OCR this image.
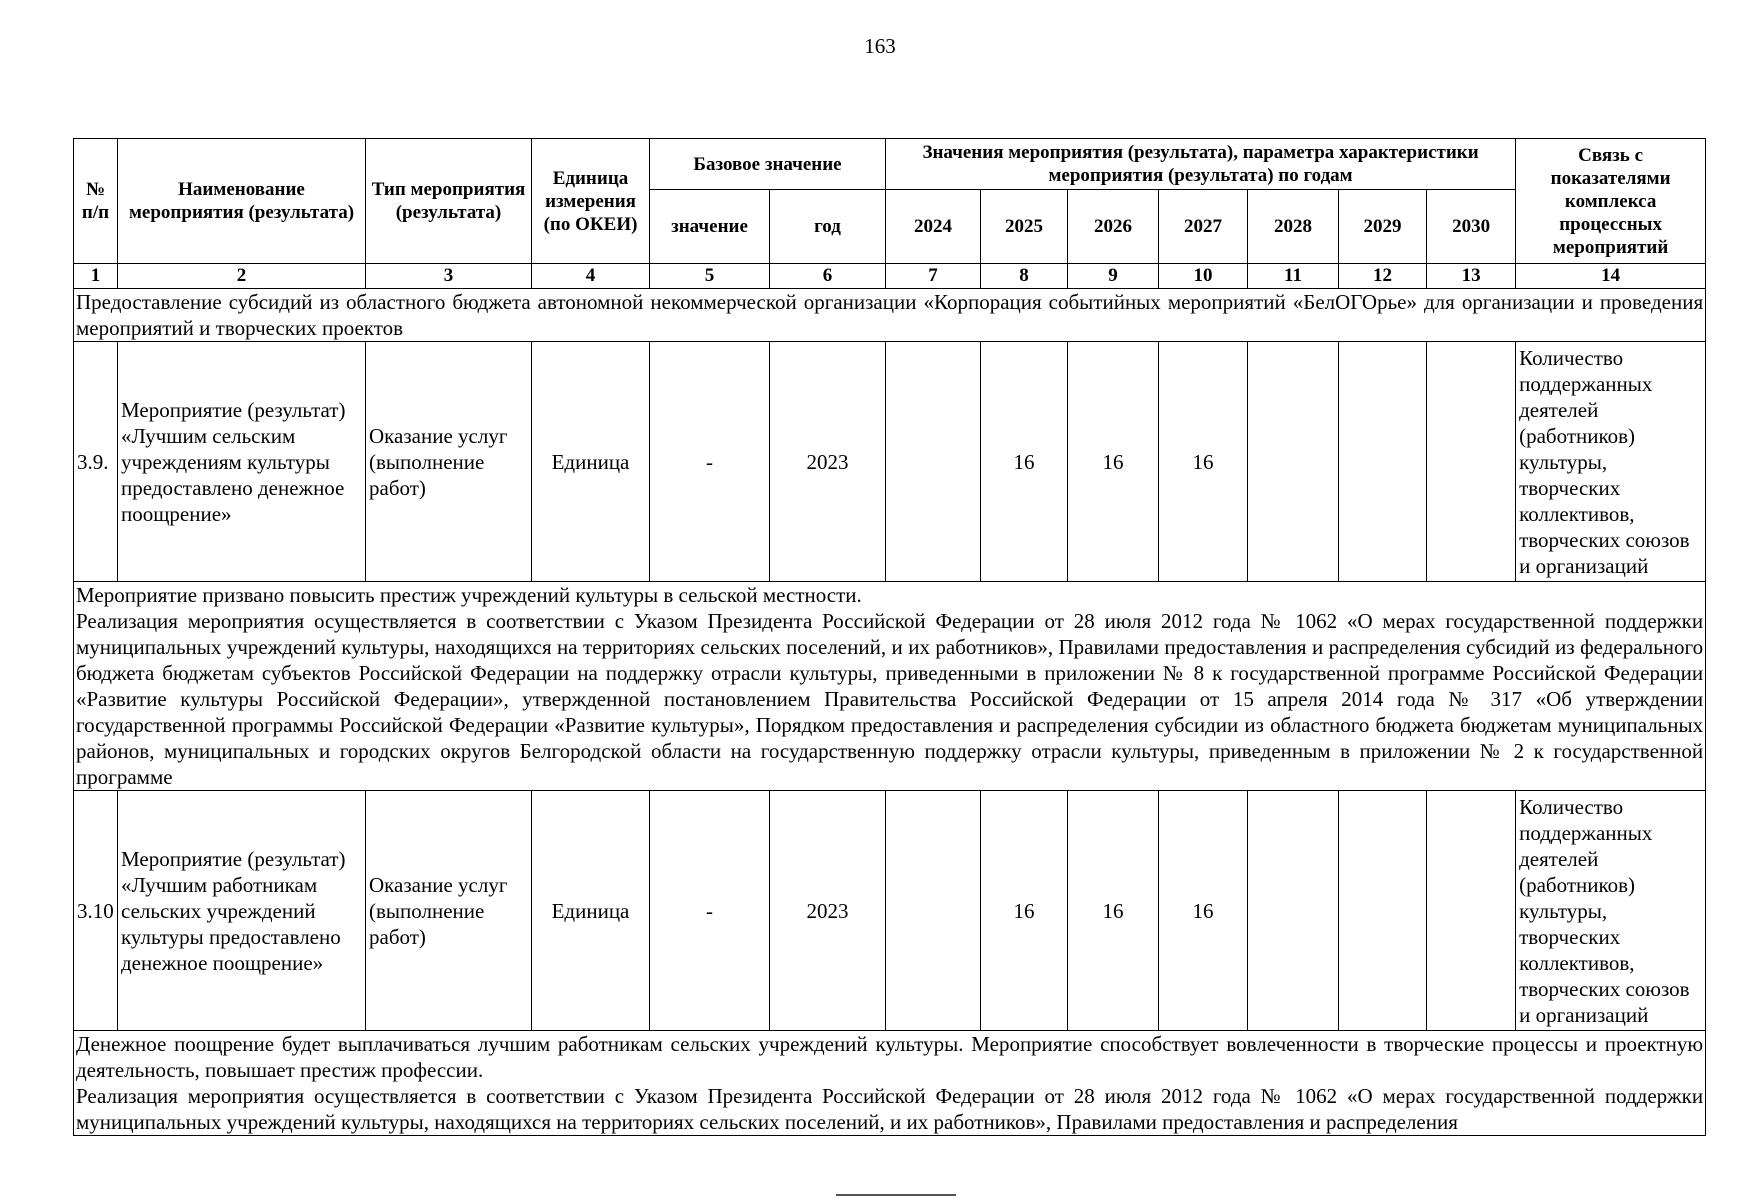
163
№ п/п	Наименование мероприятия (результата)	Тип мероприятия (результата)	Единица измерения (по ОКЕИ)	Базовое значение		Значения мероприятия (результата), параметра характеристики мероприятия (результата) по годам							Связь с показателями комплекса процессных мероприятий
				значение	год	2024	2025	2026	2027	2028	2029	2030	
1	2	3	4	5	6	7	8	9	10	11	12	13	14

Предоставление субсидий из областного бюджета автономной некоммерческой организации «Корпорация событийных мероприятий «БелОГОрье» для организации и проведения мероприятий и творческих проектов													

3.9.	Мероприятие (результат) «Лучшим сельским учреждениям культуры предоставлено денежное поощрение»	Оказание услуг (выполнение работ)	Единица	-	2023		16	16	16				Количество поддержанных деятелей (работников) культуры, творческих коллективов, творческих союзов и организаций

Мероприятие призвано повысить престиж учреждений культуры в сельской местности.
Реализация мероприятия осуществляется в соответствии с Указом Президента Российской Федерации от 28 июля 2012 года № 1062 «О мерах государственной поддержки муниципальных учреждений культуры, находящихся на территориях сельских поселений, и их работников», Правилами предоставления и распределения субсидий из федерального бюджета бюджетам субъектов Российской Федерации на поддержку отрасли культуры, приведенными в приложении № 8 к государственной программе Российской Федерации «Развитие культуры Российской Федерации», утвержденной постановлением Правительства Российской Федерации от 15 апреля 2014 года № 317 «Об утверждении государственной программы Российской Федерации «Развитие культуры», Порядком предоставления и распределения субсидии из областного бюджета бюджетам муниципальных районов, муниципальных и городских округов Белгородской области на государственную поддержку отрасли культуры, приведенным в приложении № 2 к государственной программе													

3.10	Мероприятие (результат) «Лучшим работникам сельских учреждений культуры предоставлено денежное поощрение»	Оказание услуг (выполнение работ)	Единица	-	2023		16	16	16				Количество поддержанных деятелей (работников) культуры, творческих коллективов, творческих союзов и организаций

Денежное поощрение будет выплачиваться лучшим работникам сельских учреждений культуры. Мероприятие способствует вовлеченности в творческие процессы и проектную деятельность, повышает престиж профессии.
Реализация мероприятия осуществляется в соответствии с Указом Президента Российской Федерации от 28 июля 2012 года № 1062 «О мерах государственной поддержки муниципальных учреждений культуры, находящихся на территориях сельских поселений, и их работников», Правилами предоставления и распределения													
